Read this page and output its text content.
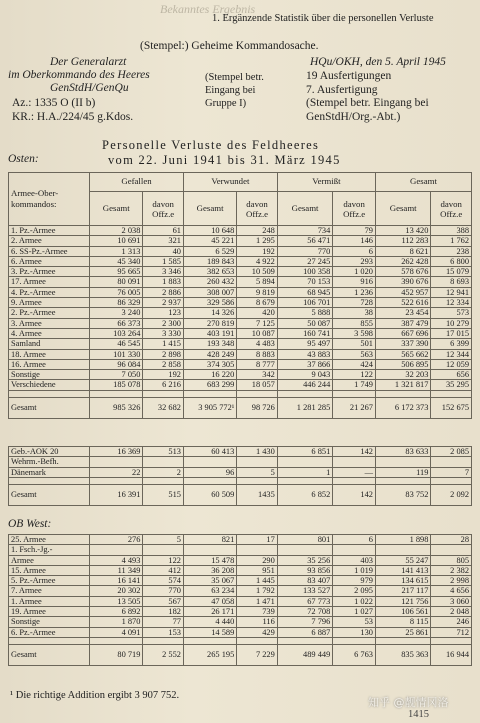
Bekanntes Ergebnis
1. Ergänzende Statistik über die personellen Verluste
(Stempel:) Geheime Kommandosache.
Der Generalarzt
im Oberkommando des Heeres
GenStdH/GenQu
Az.: 1335 O (II b)
KR.: H.A./224/45 g.Kdos.
(Stempel betr.
Eingang bei
Gruppe I)
HQu/OKH, den 5. April 1945
19 Ausfertigungen
7. Ausfertigung
(Stempel betr. Eingang bei
GenStdH/Org.-Abt.)
Personelle Verluste des Feldheeres
vom 22. Juni 1941 bis 31. März 1945
Osten:
Armee-Ober-kommandos:	Gefallen		Verwundet		Vermißt		Gesamt	
	Gesamt	davon Offz.e	Gesamt	davon Offz.e	Gesamt	davon Offz.e	Gesamt	davon Offz.e
1. Pz.-Armee	2 038	61	10 648	248	734	79	13 420	388
2. Armee	10 691	321	45 221	1 295	56 471	146	112 283	1 762
6. SS-Pz.-Armee	1 313	40	6 529	192	770	6	8 621	238
6. Armee	45 340	1 585	189 843	4 922	27 245	293	262 428	6 800
3. Pz.-Armee	95 665	3 346	382 653	10 509	100 358	1 020	578 676	15 079
17. Armee	80 091	1 883	260 432	5 894	70 153	916	390 676	8 693
4. Pz.-Armee	76 005	2 886	308 007	9 819	68 945	1 236	452 957	12 941
9. Armee	86 329	2 937	329 586	8 679	106 701	728	522 616	12 334
2. Pz.-Armee	3 240	123	14 326	420	5 888	38	23 454	573
3. Armee	66 373	2 300	270 819	7 125	50 087	855	387 479	10 279
4. Armee	103 264	3 330	403 191	10 087	160 741	3 598	667 696	17 015
Samland	46 545	1 415	193 348	4 483	95 497	501	337 390	6 399
18. Armee	101 330	2 898	428 249	8 883	43 883	563	565 662	12 344
16. Armee	96 084	2 858	374 305	8 777	37 866	424	506 895	12 059
Sonstige	7 050	192	16 220	342	9 043	122	32 203	656
Verschiedene	185 078	6 216	683 299	18 057	446 244	1 749	1 321 817	35 295

Gesamt	985 326	32 682	3 905 772¹	98 726	1 281 285	21 267	6 172 373	152 675
Geb.-AOK 20	16 369	513	60 413	1 430	6 851	142	83 633	2 085
Wehrm.-Befh.								
Dänemark	22	2	96	5	1	—	119	7

Gesamt	16 391	515	60 509	1435	6 852	142	83 752	2 092
OB West:
25. Armee	276	5	821	17	801	6	1 898	28
1. Fsch.-Jg.-								
Armee	4 493	122	15 478	290	35 256	403	55 247	805
15. Armee	11 349	412	36 208	951	93 856	1 019	141 413	2 382
5. Pz.-Armee	16 141	574	35 067	1 445	83 407	979	134 615	2 998
7. Armee	20 302	770	63 234	1 792	133 527	2 095	217 117	4 656
1. Armee	13 505	567	47 058	1 471	67 773	1 022	121 756	3 060
19. Armee	6 892	182	26 171	739	72 708	1 027	106 561	2 048
Sonstige	1 870	77	4 440	116	7 796	53	8 115	246
6. Pz.-Armee	4 091	153	14 589	429	6 887	130	25 861	712

Gesamt	80 719	2 552	265 195	7 229	489 449	6 763	835 363	16 944
¹ Die richtige Addition ergibt 3 907 752.
知乎 @靓情冈洛
1415
